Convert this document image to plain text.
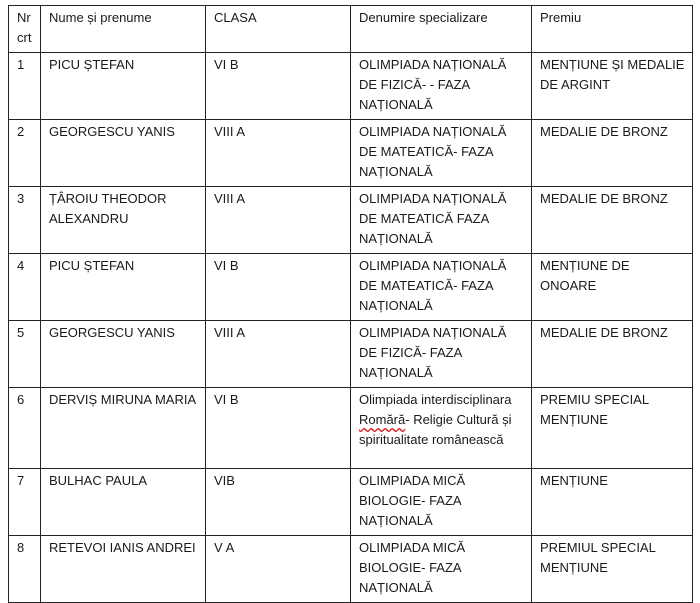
Nr crt	Nume și prenume	CLASA	Denumire specializare	Premiu
1	PICU ȘTEFAN	VI B	OLIMPIADA NAȚIONALĂ DE FIZICĂ- - FAZA NAȚIONALĂ	MENȚIUNE ȘI MEDALIE DE ARGINT
2	GEORGESCU YANIS	VIII A	OLIMPIADA NAȚIONALĂ DE MATEATICĂ- FAZA NAȚIONALĂ	MEDALIE DE BRONZ
3	ȚÂROIU THEODOR ALEXANDRU	VIII A	OLIMPIADA NAȚIONALĂ DE MATEATICĂ FAZA NAȚIONALĂ	MEDALIE DE BRONZ
4	PICU ȘTEFAN	VI B	OLIMPIADA NAȚIONALĂ DE MATEATICĂ- FAZA NAȚIONALĂ	MENȚIUNE DE ONOARE
5	GEORGESCU YANIS	VIII A	OLIMPIADA NAȚIONALĂ DE FIZICĂ- FAZA NAȚIONALĂ	MEDALIE DE BRONZ
6	DERVIȘ MIRUNA MARIA	VI B	Olimpiada interdisciplinara Romără- Religie Cultură și spiritualitate românească	PREMIU SPECIAL MENȚIUNE
7	BULHAC PAULA	VIB	OLIMPIADA MICĂ BIOLOGIE- FAZA NAȚIONALĂ	MENȚIUNE
8	RETEVOI IANIS ANDREI	V A	OLIMPIADA MICĂ BIOLOGIE- FAZA NAȚIONALĂ	PREMIUL SPECIAL MENȚIUNE
